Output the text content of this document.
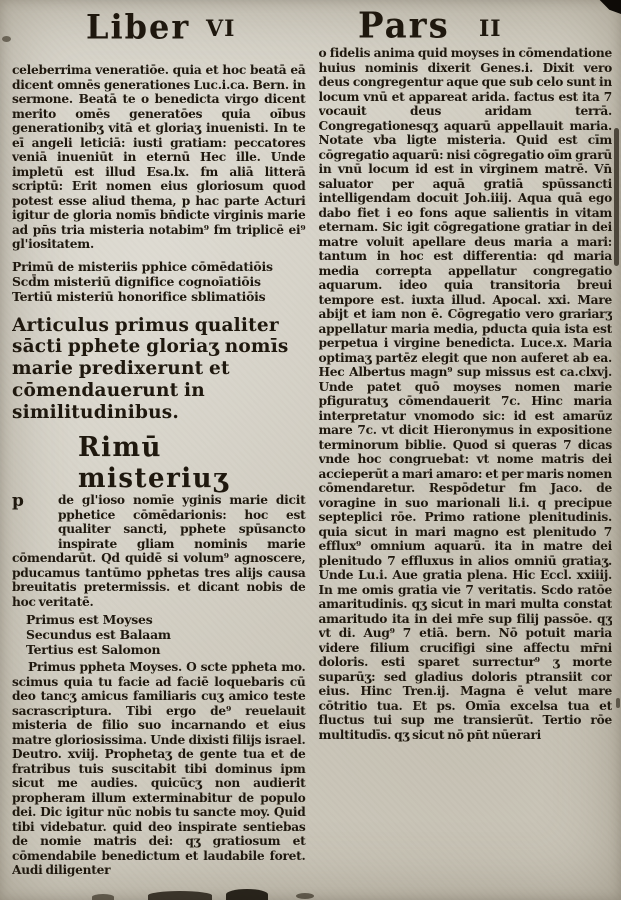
Liber VI	Pars II

celeberrima veneratiōe. quia et hoc beatā eā dicent omnēs generationes Luc.i.ca. Bern. in sermone. Beatā te o benedicta virgo dicent merito omēs generatōes quia oībus generationibʒ vitā et gloriaʒ inuenisti. In te eī angeli leticiā: iusti gratiam: peccatores veniā inueniūt in eternū Hec ille. Unde impletū est illud Esa.lx. fm aliā litterā scriptū: Erit nomen eius gloriosum quod potest esse aliud thema, p hac parte Acturi igitur de gloria nomīs bn̄dicte virginis marie ad pn̄s tria misteria notabim⁹ fm triplicē ei⁹ gl'iositatem.

Primū de misteriis pphice cōmēdatiōis
Scd̄m misteriū dignifice cognoīatiōis
Tertiū misteriū honorifice sblimatiōis
Articulus primus qualiter sācti pphete gloriaʒ nomīs marie predixerunt et cōmendauerunt in similitudinibus.
Rimū misteriuʒ

p	de gl'ioso nomīe yginis marie dicit pphetice cōmēdarionis: hoc est qualiter sancti, pphete spūsancto inspirate gliam nominis marie cōmendarūt. Qd quidē si volum⁹ agnoscere, pducamus tantūmo pphetas tres alijs causa breuitatis pretermissis. et dicant nobis de hoc veritatē.

Primus est Moyses
Secundus est Balaam
Tertius est Salomon

Primus ppheta Moyses. O scte ppheta mo. scimus quia tu facie ad faciē loquebaris cū deo tancʒ amicus familiaris cuʒ amico teste sacrascriptura. Tibi ergo de⁹ reuelauit misteria de filio suo incarnando et eius matre gloriosissima. Unde dixisti filijs israel. Deutro. xviij. Prophetaʒ de gente tua et de fratribus tuis suscitabit tibi dominus ipm sicut me audies. quicūcʒ non audierit propheram illum exterminabitur de populo dei. Dic igitur nūc nobis tu sancte moy. Quid tibi videbatur. quid deo inspirate sentiebas de nomie matris dei: qʒ gratiosum et cōmendabile benedictum et laudabile foret. Audi diligenter

o fidelis anima quid moyses in cōmendatione huius nominis dixerit Genes.i. Dixit vero deus congregentur aque que sub celo sunt in locum vnū et appareat arida. factus est ita 7 vocauit deus aridam terrā. Congregationesqʒ aquarū appellauit maria. Notate vba ligte misteria. Quid est cīm cōgregatio aquarū: nisi cōgregatio oīm grarū in vnū locum id est in virginem matrē. Vn̄ saluator per aquā gratiā spūssancti intelligendam docuit Joh.iiij. Aqua quā ego dabo fiet i eo fons aque salientis in vitam eternam. Sic igit cōgregatione gratiar in dei matre voluit apellare deus maria a mari: tantum in hoc est differentia: qd maria media correpta appellatur congregatio aquarum. ideo quia transitoria breui tempore est. iuxta illud. Apocal. xxi. Mare abijt et iam non ē. Cōgregatio vero grariarʒ appellatur maria media, pducta quia ista est perpetua i virgine benedicta. Luce.x. Maria optimaʒ partēz elegit que non auferet ab ea. Hec Albertus magn⁹ sup missus est ca.clxvj. Unde patet quō moyses nomen marie pfiguratuʒ cōmendauerit 7c. Hinc maria interpretatur vnomodo sic: id est amarūz mare 7c. vt dicit Hieronymus in expositione terminorum biblie. Quod si queras 7 dicas vnde hoc congruebat: vt nome matris dei accieperūt a mari amaro: et per maris nomen cōmendaretur. Respōdetur fm Jaco. de voragine in suo marionali li.i. q precipue septeplici rōe. Primo ratione plenitudinis. quia sicut in mari magno est plenitudo 7 efflux⁹ omnium aquarū. ita in matre dei plenitudo 7 effluxus in alios omniū gratiaʒ. Unde Lu.i. Aue gratia plena. Hic Eccl. xxiiij. In me omis gratia vie 7 veritatis. Scdo ratōe amaritudinis. qʒ sicut in mari multa constat amaritudo ita in dei mr̄e sup filij passōe. qʒ vt di. Aug⁹ 7 etiā. bern. Nō potuit maria videre filium crucifigi sine affectu mr̄ni doloris. esti sparet surrectur⁹ ʒ morte suparūʒ: sed gladius doloris ptransiit cor eius. Hinc Tren.ij. Magna ē velut mare cōtritio tua. Et ps. Omīa excelsa tua et fluctus tui sup me transierūt. Tertio rōe multitudīs. qʒ sicut nō pn̄t nūerari
